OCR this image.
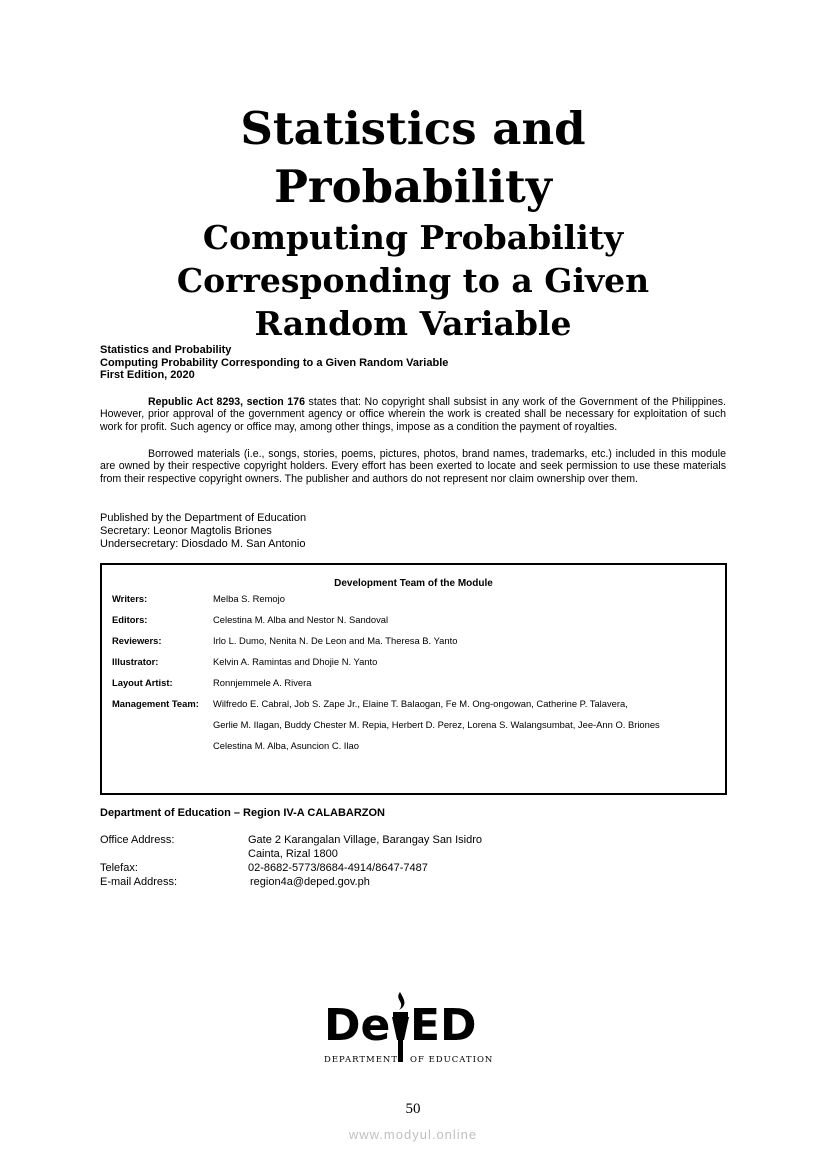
Statistics and
Probability
Computing Probability
Corresponding to a Given
Random Variable
Statistics and Probability
Computing Probability Corresponding to a Given Random Variable
First Edition, 2020
Republic Act 8293, section 176 states that: No copyright shall subsist in any work of the Government of the Philippines. However, prior approval of the government agency or office wherein the work is created shall be necessary for exploitation of such work for profit. Such agency or office may, among other things, impose as a condition the payment of royalties.
Borrowed materials (i.e., songs, stories, poems, pictures, photos, brand names, trademarks, etc.) included in this module are owned by their respective copyright holders. Every effort has been exerted to locate and seek permission to use these materials from their respective copyright owners. The publisher and authors do not represent nor claim ownership over them.
Published by the Department of Education
Secretary: Leonor Magtolis Briones
Undersecretary: Diosdado M. San Antonio
Development Team of the Module
Writers:	Melba S. Remojo
Editors:	Celestina M. Alba and Nestor N. Sandoval
Reviewers:	Irlo L. Dumo, Nenita N. De Leon and Ma. Theresa B. Yanto
Illustrator:	Kelvin A. Ramintas and Dhojie N. Yanto
Layout Artist:	Ronnjemmele A. Rivera
Management Team:	Wilfredo E. Cabral, Job S. Zape Jr., Elaine T. Balaogan, Fe M. Ong-ongowan, Catherine P. Talavera,
Gerlie M. Ilagan, Buddy Chester M. Repia, Herbert D. Perez, Lorena S. Walangsumbat, Jee-Ann O. Briones
Celestina M. Alba, Asuncion C. Ilao
Department of Education – Region IV-A CALABARZON
Office Address:	Gate 2 Karangalan Village, Barangay San Isidro
Cainta, Rizal 1800
Telefax:	02-8682-5773/8684-4914/8647-7487
E-mail Address:	region4a@deped.gov.ph
De ED
DEPARTMENT OF EDUCATION
50
www.modyul.online
